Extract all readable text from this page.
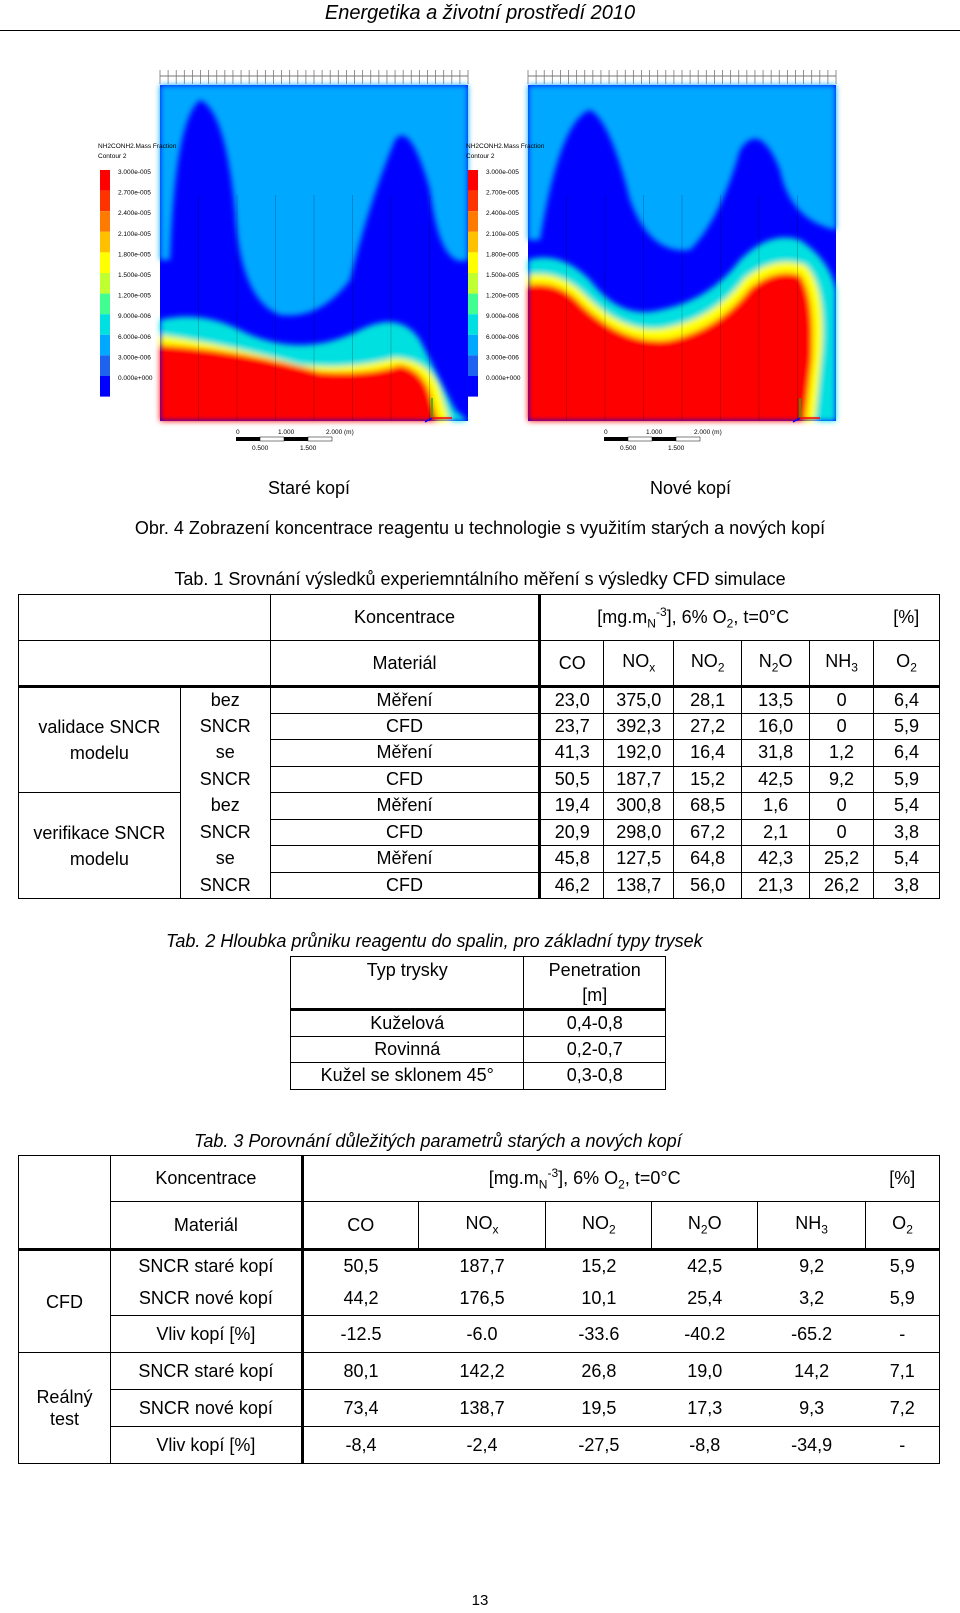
Energetika a životní prostředí 2010
NH2CONH2.Mass Fraction
Contour 2
3.000e-005
2.700e-005
2.400e-005
2.100e-005
1.800e-005
1.500e-005
1.200e-005
9.000e-006
6.000e-006
3.000e-006
0.000e+000
NH2CONH2.Mass Fraction
Contour 2
3.000e-005
2.700e-005
2.400e-005
2.100e-005
1.800e-005
1.500e-005
1.200e-005
9.000e-006
6.000e-006
3.000e-006
0.000e+000
0	1.000	2.000 (m)
0.500	1.500
0	1.000	2.000 (m)
0.500	1.500
Staré kopí	Nové kopí
Obr. 4 Zobrazení koncentrace reagentu u technologie s využitím starých a nových kopí
Tab. 1 Srovnání výsledků experiemntálního měření s výsledky CFD simulace
		Koncentrace	$[mg.m_N^{-3}]$, 6% $O_2$, t=0°C					[%]
		Materiál	CO	$NO_x$	$NO_2$	$N_2O$	$NH_3$	$O_2$
validace SNCR modelu	bez	Měření	23,0	375,0	28,1	13,5	0	6,4
	SNCR	CFD	23,7	392,3	27,2	16,0	0	5,9
	se	Měření	41,3	192,0	16,4	31,8	1,2	6,4
	SNCR	CFD	50,5	187,7	15,2	42,5	9,2	5,9
verifikace SNCR modelu	bez	Měření	19,4	300,8	68,5	1,6	0	5,4
	SNCR	CFD	20,9	298,0	67,2	2,1	0	3,8
	se	Měření	45,8	127,5	64,8	42,3	25,2	5,4
	SNCR	CFD	46,2	138,7	56,0	21,3	26,2	3,8
Tab. 2 Hloubka průniku reagentu do spalin, pro základní typy trysek
Typ trysky	Penetration
	[m]
Kuželová	0,4-0,8
Rovinná	0,2-0,7
Kužel se sklonem 45°	0,3-0,8
Tab. 3 Porovnání důležitých parametrů starých a nových kopí
	Koncentrace	$[mg.m_N^{-3}]$, 6% $O_2$, t=0°C					[%]
	Materiál	CO	$NO_x$	$NO_2$	$N_2O$	$NH_3$	$O_2$
CFD	SNCR staré kopí	50,5	187,7	15,2	42,5	9,2	5,9
	SNCR nové kopí	44,2	176,5	10,1	25,4	3,2	5,9
	Vliv kopí [%]	-12.5	-6.0	-33.6	-40.2	-65.2	-

Reálný
test	SNCR staré kopí	80,1	142,2	26,8	19,0	14,2	7,1
	SNCR nové kopí	73,4	138,7	19,5	17,3	9,3	7,2
	Vliv kopí [%]	-8,4	-2,4	-27,5	-8,8	-34,9	-
13
